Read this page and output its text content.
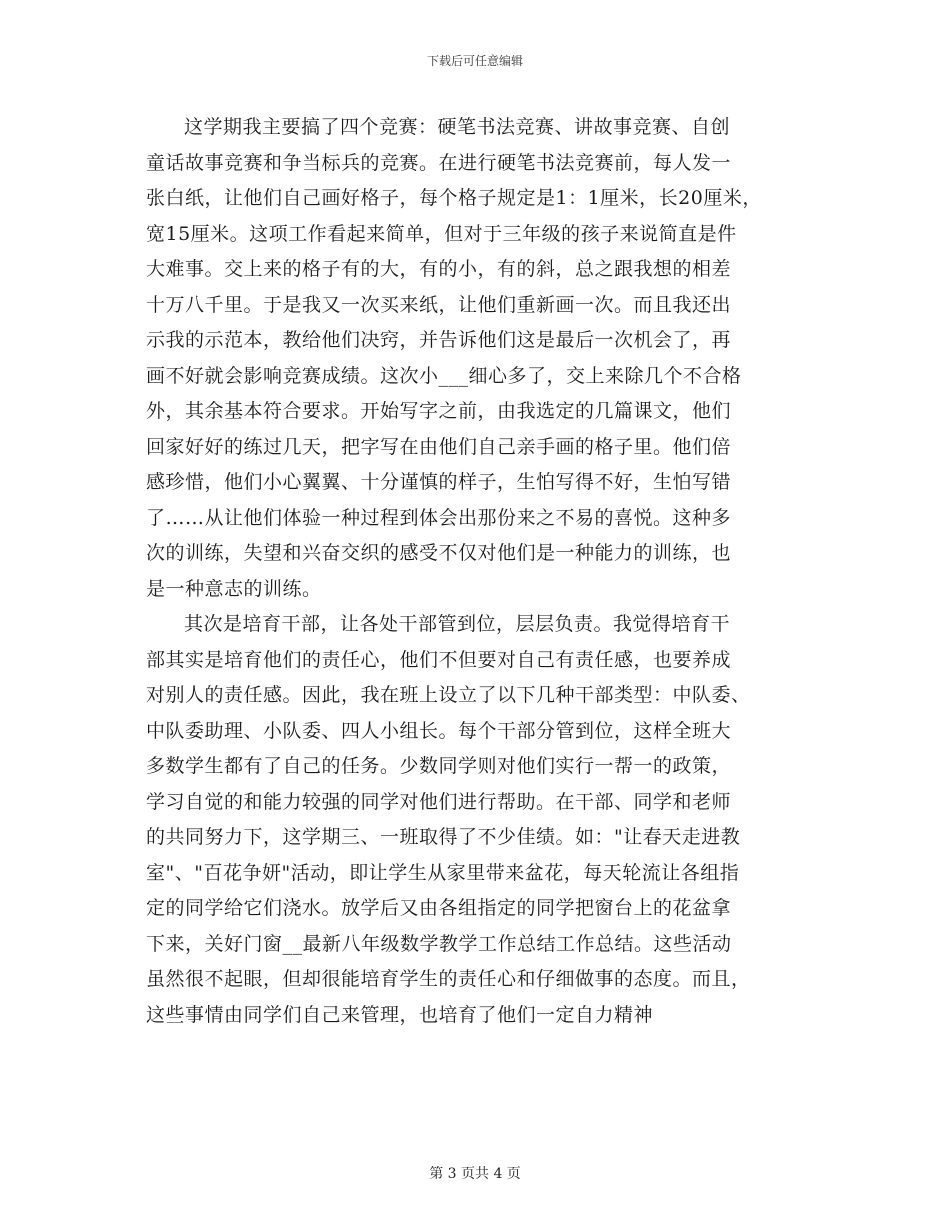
下载后可任意编辑
这学期我主要搞了四个竞赛：硬笔书法竞赛、讲故事竞赛、自创
童话故事竞赛和争当标兵的竞赛。在进行硬笔书法竞赛前，每人发一
张白纸，让他们自己画好格子，每个格子规定是1：1厘米，长20厘米，
宽15厘米。这项工作看起来简单，但对于三年级的孩子来说简直是件
大难事。交上来的格子有的大，有的小，有的斜，总之跟我想的相差
十万八千里。于是我又一次买来纸，让他们重新画一次。而且我还出
示我的示范本，教给他们决窍，并告诉他们这是最后一次机会了，再
画不好就会影响竞赛成绩。这次小___细心多了，交上来除几个不合格
外，其余基本符合要求。开始写字之前，由我选定的几篇课文，他们
回家好好的练过几天，把字写在由他们自己亲手画的格子里。他们倍
感珍惜，他们小心翼翼、十分谨慎的样子，生怕写得不好，生怕写错
了……从让他们体验一种过程到体会出那份来之不易的喜悦。这种多
次的训练，失望和兴奋交织的感受不仅对他们是一种能力的训练，也
是一种意志的训练。
其次是培育干部，让各处干部管到位，层层负责。我觉得培育干
部其实是培育他们的责任心，他们不但要对自己有责任感，也要养成
对别人的责任感。因此，我在班上设立了以下几种干部类型：中队委、
中队委助理、小队委、四人小组长。每个干部分管到位，这样全班大
多数学生都有了自己的任务。少数同学则对他们实行一帮一的政策，
学习自觉的和能力较强的同学对他们进行帮助。在干部、同学和老师
的共同努力下，这学期三、一班取得了不少佳绩。如："让春天走进教
室"、"百花争妍"活动，即让学生从家里带来盆花，每天轮流让各组指
定的同学给它们浇水。放学后又由各组指定的同学把窗台上的花盆拿
下来，关好门窗__最新八年级数学教学工作总结工作总结。这些活动
虽然很不起眼，但却很能培育学生的责任心和仔细做事的态度。而且，
这些事情由同学们自己来管理，也培育了他们一定自力精神
第 3 页共 4 页
